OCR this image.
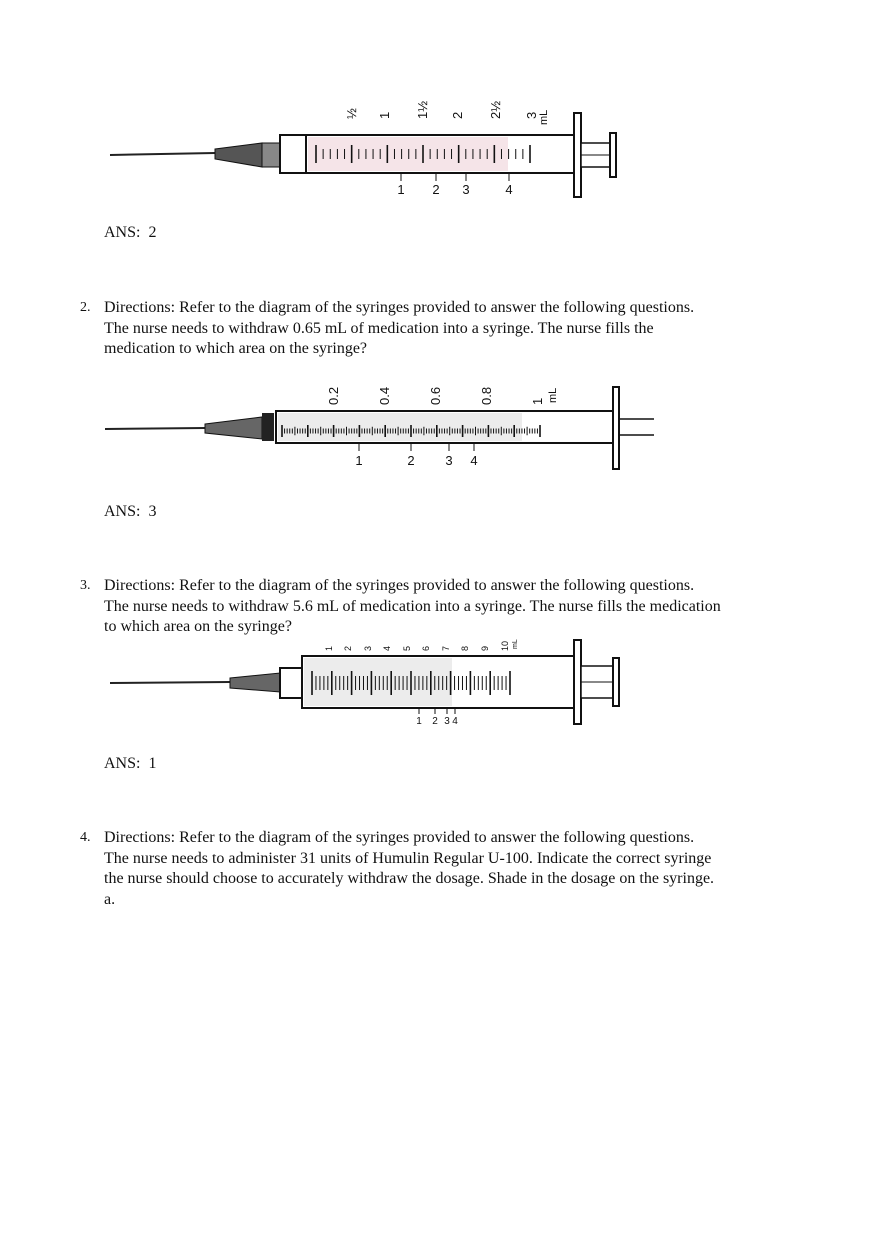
½ 1 1½ 2 2½ 3 mL
1 2 3	4
ANS: 2
2. Directions: Refer to the diagram of the syringes provided to answer the following questions.
The nurse needs to withdraw 0.65 mL of medication into a syringe. The nurse fills the
medication to which area on the syringe?
0.2	0.4	0.6	0.8	1 mL
1	2 3 4
ANS: 3
3. Directions: Refer to the diagram of the syringes provided to answer the following questions.
The nurse needs to withdraw 5.6 mL of medication into a syringe. The nurse fills the medication
to which area on the syringe?
1 2 3 4 5 6 7 8 9 10 mL
1 2 3 4
ANS: 1
4. Directions: Refer to the diagram of the syringes provided to answer the following questions.
The nurse needs to administer 31 units of Humulin Regular U-100. Indicate the correct syringe
the nurse should choose to accurately withdraw the dosage. Shade in the dosage on the syringe.
a.
